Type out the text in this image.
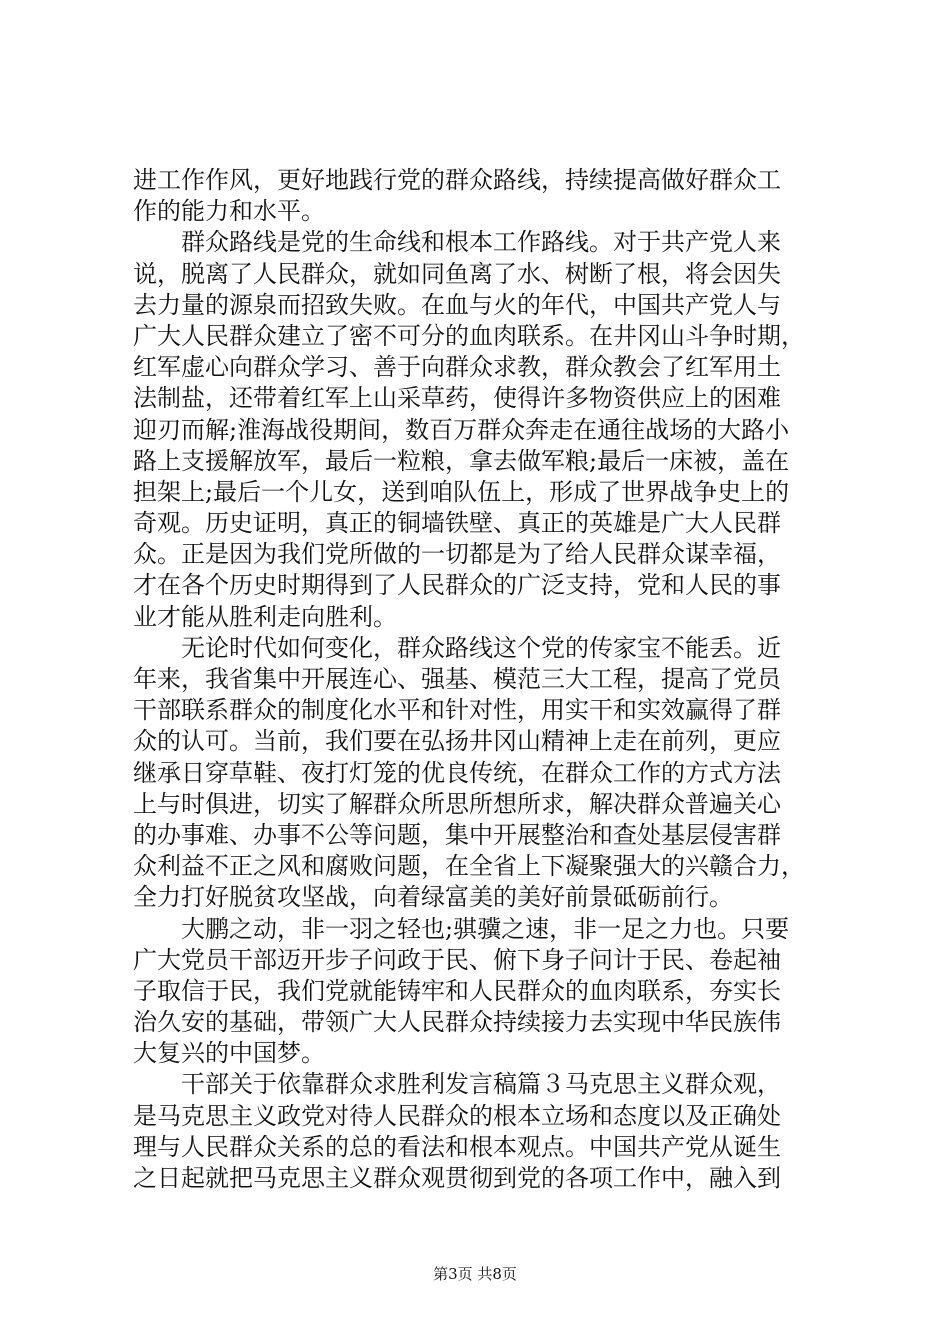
进工作作风，更好地践行党的群众路线，持续提高做好群众工
作的能力和水平。
群众路线是党的生命线和根本工作路线。对于共产党人来
说，脱离了人民群众，就如同鱼离了水、树断了根，将会因失
去力量的源泉而招致失败。在血与火的年代，中国共产党人与
广大人民群众建立了密不可分的血肉联系。在井冈山斗争时期，
红军虚心向群众学习、善于向群众求教，群众教会了红军用土
法制盐，还带着红军上山采草药，使得许多物资供应上的困难
迎刃而解;淮海战役期间，数百万群众奔走在通往战场的大路小
路上支援解放军，最后一粒粮，拿去做军粮;最后一床被，盖在
担架上;最后一个儿女，送到咱队伍上，形成了世界战争史上的
奇观。历史证明，真正的铜墙铁壁、真正的英雄是广大人民群
众。正是因为我们党所做的一切都是为了给人民群众谋幸福，
才在各个历史时期得到了人民群众的广泛支持，党和人民的事
业才能从胜利走向胜利。
无论时代如何变化，群众路线这个党的传家宝不能丢。近
年来，我省集中开展连心、强基、模范三大工程，提高了党员
干部联系群众的制度化水平和针对性，用实干和实效赢得了群
众的认可。当前，我们要在弘扬井冈山精神上走在前列，更应
继承日穿草鞋、夜打灯笼的优良传统，在群众工作的方式方法
上与时俱进，切实了解群众所思所想所求，解决群众普遍关心
的办事难、办事不公等问题，集中开展整治和查处基层侵害群
众利益不正之风和腐败问题，在全省上下凝聚强大的兴赣合力，
全力打好脱贫攻坚战，向着绿富美的美好前景砥砺前行。
大鹏之动，非一羽之轻也;骐骥之速，非一足之力也。只要
广大党员干部迈开步子问政于民、俯下身子问计于民、卷起袖
子取信于民，我们党就能铸牢和人民群众的血肉联系，夯实长
治久安的基础，带领广大人民群众持续接力去实现中华民族伟
大复兴的中国梦。
干部关于依靠群众求胜利发言稿篇３马克思主义群众观，
是马克思主义政党对待人民群众的根本立场和态度以及正确处
理与人民群众关系的总的看法和根本观点。中国共产党从诞生
之日起就把马克思主义群众观贯彻到党的各项工作中，融入到
第3页 共8页
